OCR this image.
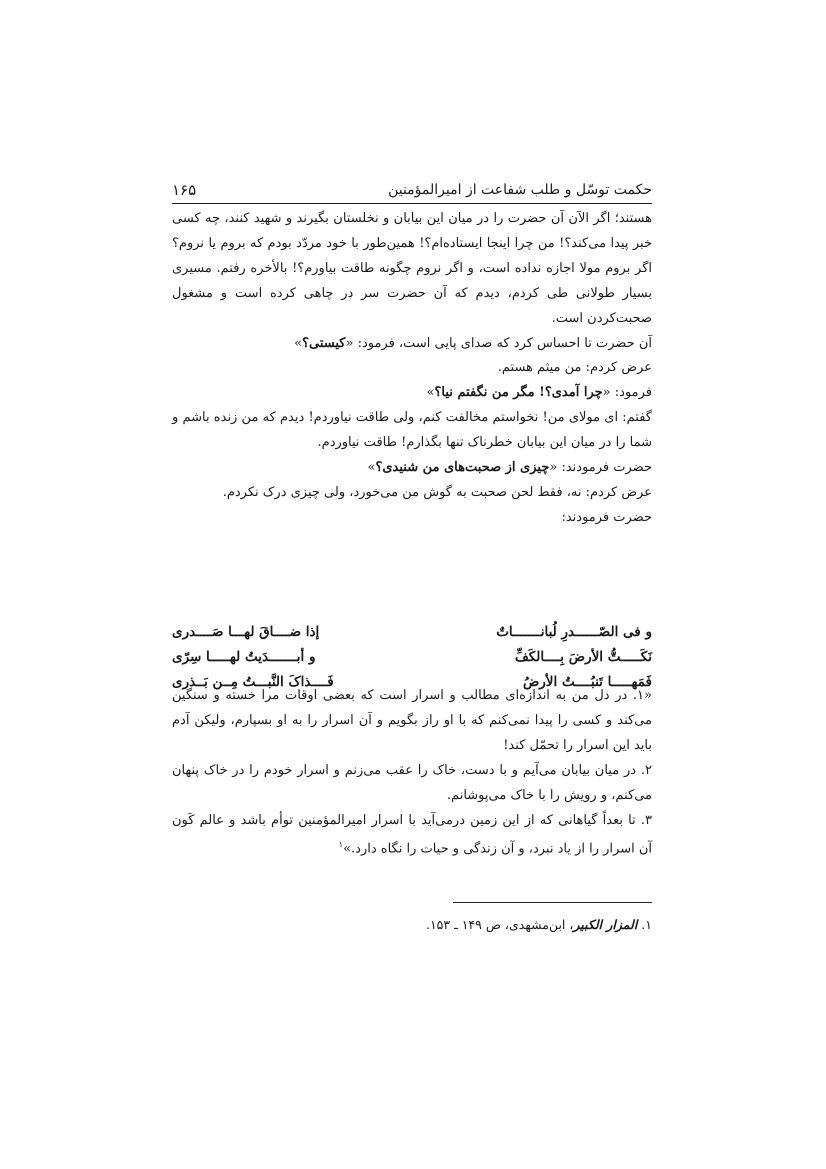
حکمت توسّل و طلب شفاعت از امیرالمؤمنین
۱۶۵

هستند؛ اگر الآن آن حضرت را در میان این بیابان و نخلستان بگیرند و شهید کنند، چه کسی خبر پیدا می‌کند؟! من چرا اینجا ایستاده‌ام؟! همین‌طور با خود مردّد بودم که بروم یا نروم؟ اگر بروم مولا اجازه نداده است، و اگر نروم چگونه طاقت بیاورم؟! بالأخره رفتم. مسیری بسیار طولانی طی کردم، دیدم که آن حضرت سر در چاهی کرده است و مشغول صحبت‌کردن است.

آن حضرت تا احساس کرد که صدای پایی است، فرمود: «کیستی؟»

عرض کردم: من میثم هستم.

فرمود: «چرا آمدی؟! مگر من نگفتم نیا؟»

گفتم: ای مولای من! نخواستم مخالفت کنم، ولی طاقت نیاوردم! دیدم که من زنده باشم و شما را در میان این بیابان خطرناک تنها بگذارم! طاقت نیاوردم.

حضرت فرمودند: «چیزی از صحبت‌های من شنیدی؟»

عرض کردم: نه، فقط لحن صحبت به گوش من می‌خورد، ولی چیزی درک نکردم.

حضرت فرمودند:

و فی الصّــــــدرِ لُبانـــــــاتٌ
إذا ضــــاقَ لهـــا صَــــدری
نَکَـــــتُّ الأرضَ بِــــالکَفِّ
و أبـــــــدَیتُ لهـــــا سِرّی
فَمَهـــــا تَنبُــــتُ الأرضُ
فَــــذاکَ النَّبـــتُ مِــن بَــذری

«۱. در دل من به اندازه‌ای مطالب و اسرار است که بعضی اوقات مرا خسته و سنگین می‌کند و کسی را پیدا نمی‌کنم که با او راز بگویم و آن اسرار را به او بسپارم، ولیکن آدم باید این اسرار را تحمّل کند!

۲. در میان بیابان می‌آیم و با دست، خاک را عقب می‌زنم و اسرار خودم را در خاک پنهان می‌کنم، و رویش را با خاک می‌پوشانم.

۳. تا بعداً گیاهانی که از این زمین درمی‌آید با اسرار امیرالمؤمنین توأم باشد و عالم کَون آن اسرار را از یاد نبرد، و آن زندگی و حیات را نگاه دارد.»$^۱$

۱. المزار الکبیر، ابن‌مشهدی، ص ۱۴۹ ـ ۱۵۳.
